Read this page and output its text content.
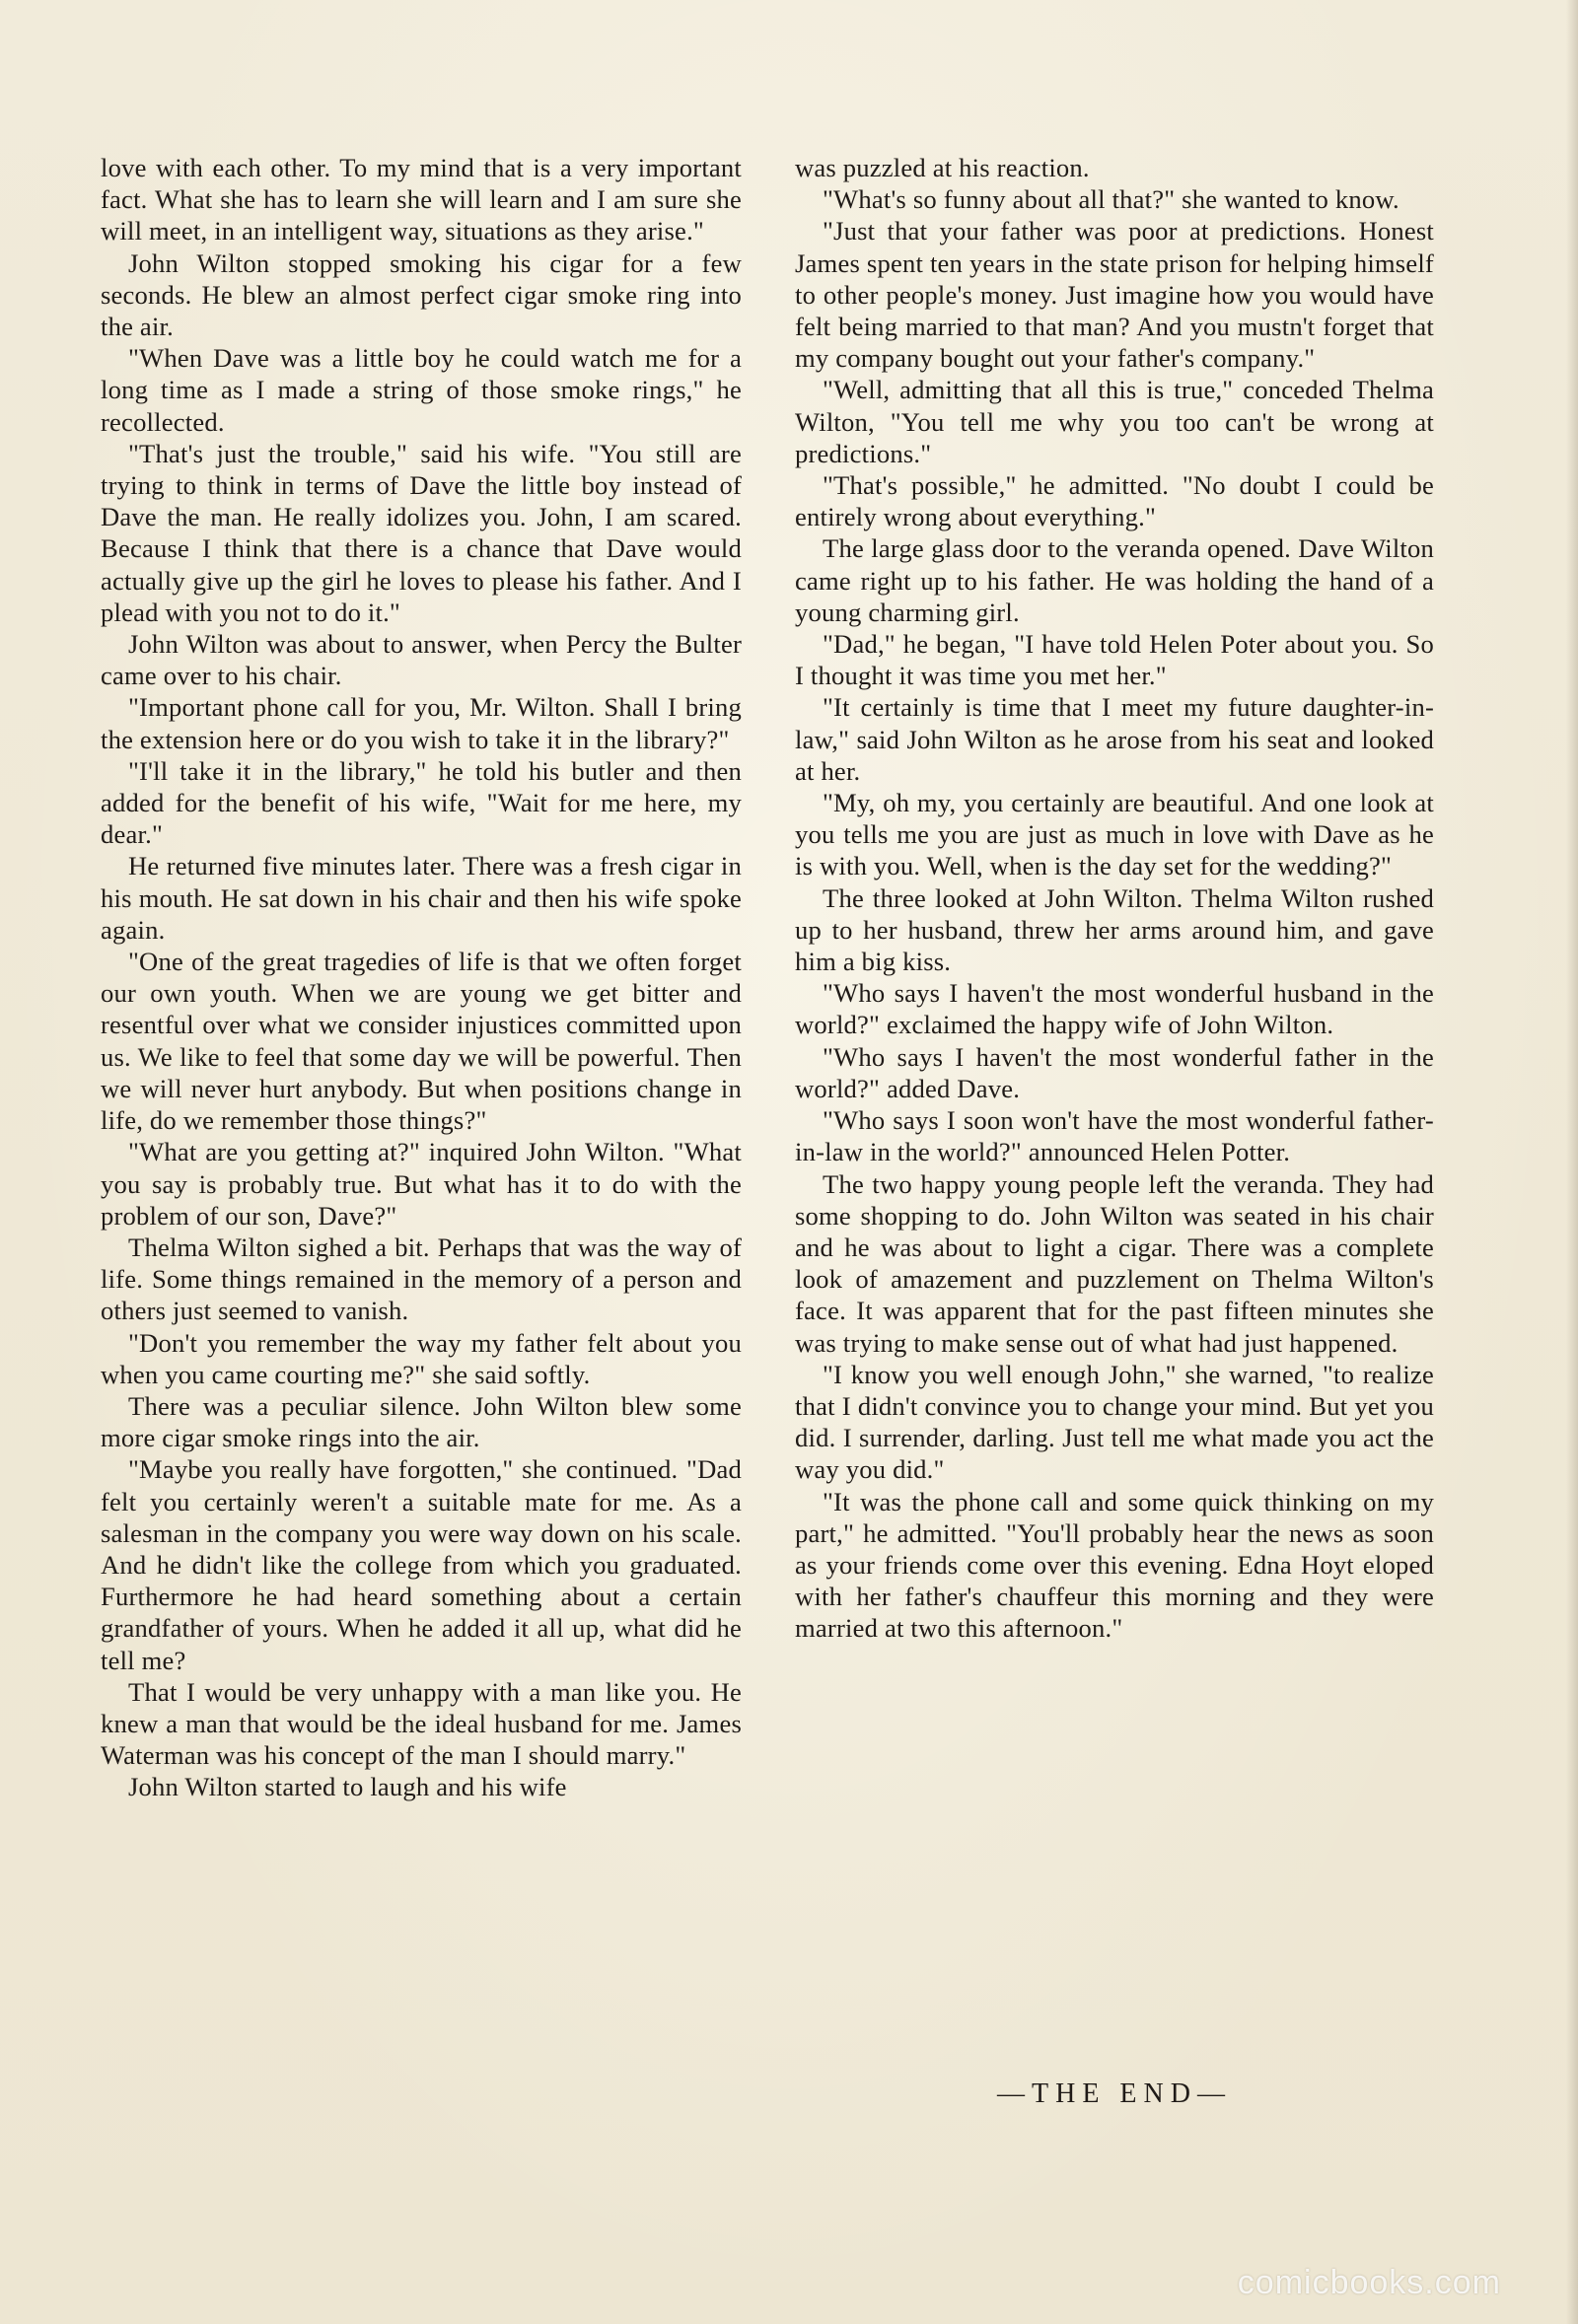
love with each other. To my mind that is a very important fact. What she has to learn she will learn and I am sure she will meet, in an intelligent way, situations as they arise."

John Wilton stopped smoking his cigar for a few seconds. He blew an almost perfect cigar smoke ring into the air.

"When Dave was a little boy he could watch me for a long time as I made a string of those smoke rings," he recollected.

"That's just the trouble," said his wife. "You still are trying to think in terms of Dave the little boy instead of Dave the man. He really idolizes you. John, I am scared. Because I think that there is a chance that Dave would actually give up the girl he loves to please his father. And I plead with you not to do it."

John Wilton was about to answer, when Percy the Bulter came over to his chair.

"Important phone call for you, Mr. Wilton. Shall I bring the extension here or do you wish to take it in the library?"

"I'll take it in the library," he told his butler and then added for the benefit of his wife, "Wait for me here, my dear."

He returned five minutes later. There was a fresh cigar in his mouth. He sat down in his chair and then his wife spoke again.

"One of the great tragedies of life is that we often forget our own youth. When we are young we get bitter and resentful over what we consider injustices committed upon us. We like to feel that some day we will be powerful. Then we will never hurt anybody. But when positions change in life, do we remember those things?"

"What are you getting at?" inquired John Wilton. "What you say is probably true. But what has it to do with the problem of our son, Dave?"

Thelma Wilton sighed a bit. Perhaps that was the way of life. Some things remained in the memory of a person and others just seemed to vanish.

"Don't you remember the way my father felt about you when you came courting me?" she said softly.

There was a peculiar silence. John Wilton blew some more cigar smoke rings into the air.

"Maybe you really have forgotten," she continued. "Dad felt you certainly weren't a suitable mate for me. As a salesman in the company you were way down on his scale. And he didn't like the college from which you graduated. Furthermore he had heard something about a certain grandfather of yours. When he added it all up, what did he tell me?

That I would be very unhappy with a man like you. He knew a man that would be the ideal husband for me. James Waterman was his concept of the man I should marry."

John Wilton started to laugh and his wife

was puzzled at his reaction.

"What's so funny about all that?" she wanted to know.

"Just that your father was poor at predictions. Honest James spent ten years in the state prison for helping himself to other people's money. Just imagine how you would have felt being married to that man? And you mustn't forget that my company bought out your father's company."

"Well, admitting that all this is true," conceded Thelma Wilton, "You tell me why you too can't be wrong at predictions."

"That's possible," he admitted. "No doubt I could be entirely wrong about everything."

The large glass door to the veranda opened. Dave Wilton came right up to his father. He was holding the hand of a young charming girl.

"Dad," he began, "I have told Helen Poter about you. So I thought it was time you met her."

"It certainly is time that I meet my future daughter-in-law," said John Wilton as he arose from his seat and looked at her.

"My, oh my, you certainly are beautiful. And one look at you tells me you are just as much in love with Dave as he is with you. Well, when is the day set for the wedding?"

The three looked at John Wilton. Thelma Wilton rushed up to her husband, threw her arms around him, and gave him a big kiss.

"Who says I haven't the most wonderful husband in the world?" exclaimed the happy wife of John Wilton.

"Who says I haven't the most wonderful father in the world?" added Dave.

"Who says I soon won't have the most wonderful father-in-law in the world?" announced Helen Potter.

The two happy young people left the veranda. They had some shopping to do. John Wilton was seated in his chair and he was about to light a cigar. There was a complete look of amazement and puzzlement on Thelma Wilton's face. It was apparent that for the past fifteen minutes she was trying to make sense out of what had just happened.

"I know you well enough John," she warned, "to realize that I didn't convince you to change your mind. But yet you did. I surrender, darling. Just tell me what made you act the way you did."

"It was the phone call and some quick thinking on my part," he admitted. "You'll probably hear the news as soon as your friends come over this evening. Edna Hoyt eloped with her father's chauffeur this morning and they were married at two this afternoon."

—THE END—
comicbooks.com
